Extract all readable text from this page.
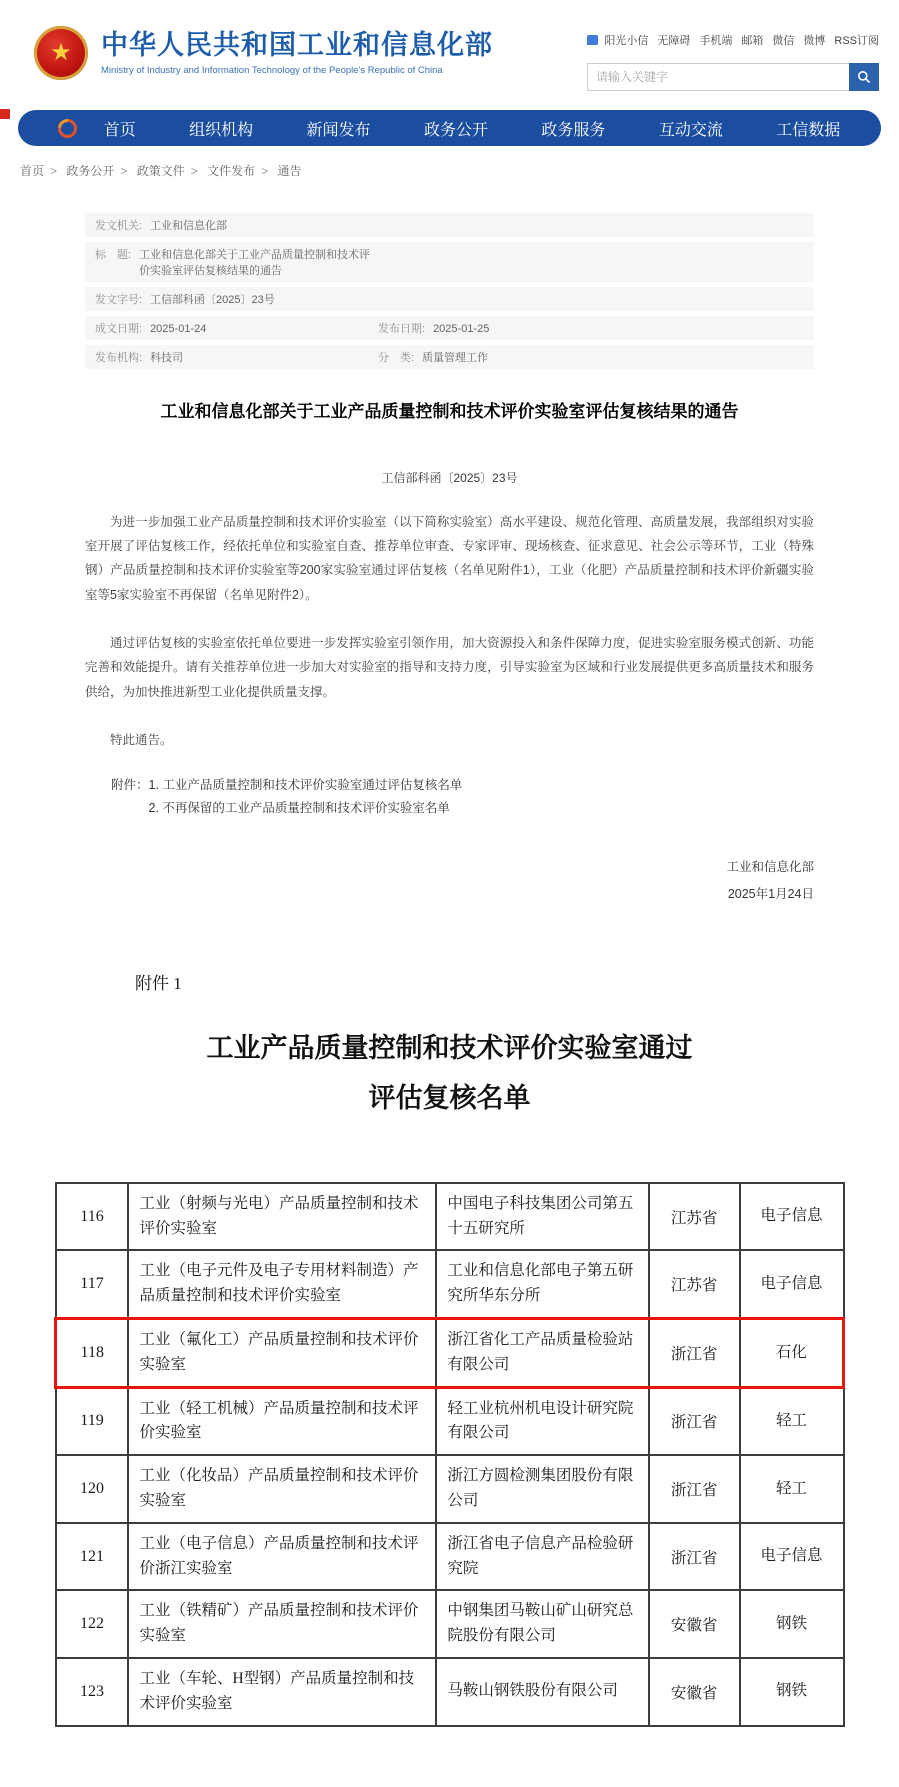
★ 中华人民共和国工业和信息化部
Ministry of Industry and Information Technology of the People's Republic of China
阳光小信 无障碍 手机端 邮箱 微信 微博 RSS订阅
请输入关键字
首页	组织机构	新闻发布	政务公开	政务服务	互动交流	工信数据
首页 > 政务公开 > 政策文件 > 文件发布 > 通告
发文机关: 工业和信息化部
标　题: 工业和信息化部关于工业产品质量控制和技术评价实验室评估复核结果的通告
发文字号: 工信部科函〔2025〕23号
成文日期: 2025-01-24	发布日期: 2025-01-25
发布机构: 科技司	分　类: 质量管理工作
工业和信息化部关于工业产品质量控制和技术评价实验室评估复核结果的通告
工信部科函〔2025〕23号

为进一步加强工业产品质量控制和技术评价实验室（以下简称实验室）高水平建设、规范化管理、高质量发展，我部组织对实验室开展了评估复核工作，经依托单位和实验室自查、推荐单位审查、专家评审、现场核查、征求意见、社会公示等环节，工业（特殊钢）产品质量控制和技术评价实验室等200家实验室通过评估复核（名单见附件1），工业（化肥）产品质量控制和技术评价新疆实验室等5家实验室不再保留（名单见附件2）。

通过评估复核的实验室依托单位要进一步发挥实验室引领作用，加大资源投入和条件保障力度，促进实验室服务模式创新、功能完善和效能提升。请有关推荐单位进一步加大对实验室的指导和支持力度，引导实验室为区域和行业发展提供更多高质量技术和服务供给，为加快推进新型工业化提供质量支撑。

特此通告。

附件： 1. 工业产品质量控制和技术评价实验室通过评估复核名单
2. 不再保留的工业产品质量控制和技术评价实验室名单
工业和信息化部
2025年1月24日
附件 1
工业产品质量控制和技术评价实验室通过
评估复核名单
116	工业（射频与光电）产品质量控制和技术评价实验室	中国电子科技集团公司第五十五研究所	江苏省	电子信息
117	工业（电子元件及电子专用材料制造）产品质量控制和技术评价实验室	工业和信息化部电子第五研究所华东分所	江苏省	电子信息
118	工业（氟化工）产品质量控制和技术评价实验室	浙江省化工产品质量检验站有限公司	浙江省	石化
119	工业（轻工机械）产品质量控制和技术评价实验室	轻工业杭州机电设计研究院有限公司	浙江省	轻工
120	工业（化妆品）产品质量控制和技术评价实验室	浙江方圆检测集团股份有限公司	浙江省	轻工
121	工业（电子信息）产品质量控制和技术评价浙江实验室	浙江省电子信息产品检验研究院	浙江省	电子信息
122	工业（铁精矿）产品质量控制和技术评价实验室	中钢集团马鞍山矿山研究总院股份有限公司	安徽省	钢铁
123	工业（车轮、H型钢）产品质量控制和技术评价实验室	马鞍山钢铁股份有限公司	安徽省	钢铁
